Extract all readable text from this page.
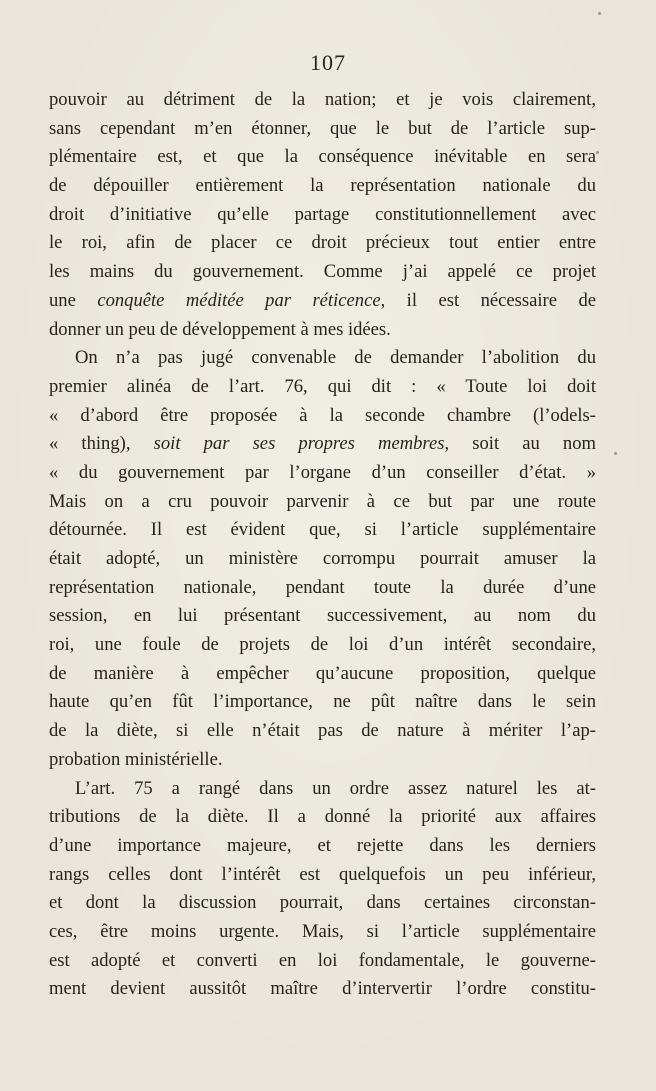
107
pouvoir au détriment de la nation; et je vois clairement,
sans cependant m’en étonner, que le but de l’article sup-
plémentaire est, et que la conséquence inévitable en sera
de dépouiller entièrement la représentation nationale du
droit d’initiative qu’elle partage constitutionnellement avec
le roi, afin de placer ce droit précieux tout entier entre
les mains du gouvernement. Comme j’ai appelé ce projet
une conquête méditée par réticence, il est nécessaire de
donner un peu de développement à mes idées.
On n’a pas jugé convenable de demander l’abolition du
premier alinéa de l’art. 76, qui dit : « Toute loi doit
« d’abord être proposée à la seconde chambre (l’odels-
« thing), soit par ses propres membres, soit au nom
« du gouvernement par l’organe d’un conseiller d’état. »
Mais on a cru pouvoir parvenir à ce but par une route
détournée. Il est évident que, si l’article supplémentaire
était adopté, un ministère corrompu pourrait amuser la
représentation nationale, pendant toute la durée d’une
session, en lui présentant successivement, au nom du
roi, une foule de projets de loi d’un intérêt secondaire,
de manière à empêcher qu’aucune proposition, quelque
haute qu’en fût l’importance, ne pût naître dans le sein
de la diète, si elle n’était pas de nature à mériter l’ap-
probation ministérielle.
L’art. 75 a rangé dans un ordre assez naturel les at-
tributions de la diète. Il a donné la priorité aux affaires
d’une importance majeure, et rejette dans les derniers
rangs celles dont l’intérêt est quelquefois un peu inférieur,
et dont la discussion pourrait, dans certaines circonstan-
ces, être moins urgente. Mais, si l’article supplémentaire
est adopté et converti en loi fondamentale, le gouverne-
ment devient aussitôt maître d’intervertir l’ordre constitu-
